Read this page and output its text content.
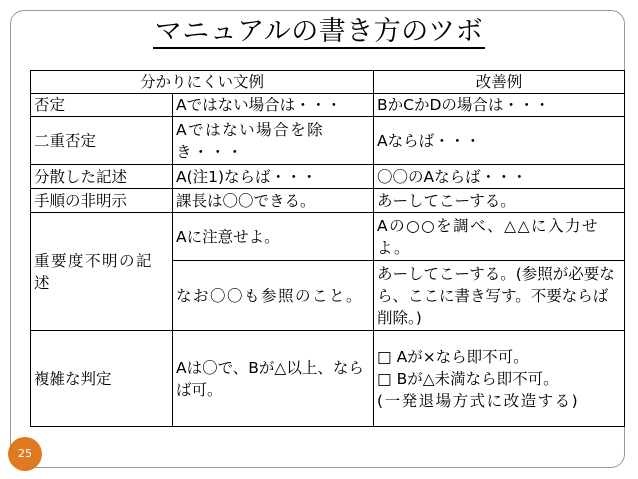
マニュアルの書き方のツボ
分かりにくい文例		改善例
否定	Aではない場合は・・・	BかCかDの場合は・・・
二重否定	Aではない場合を除き・・・	Aならば・・・
分散した記述	A(注1)ならば・・・	〇〇のAならば・・・
手順の非明示	課長は〇〇できる。	あーしてこーする。
重要度不明の記述	Aに注意せよ。	Aの○○を調べ、△△に入力せよ。
	なお〇〇も参照のこと。	あーしてこーする。(参照が必要なら、ここに書き写す。不要ならば削除。)
複雑な判定	Aは〇で、Bが△以上、ならば可。	□ Aが×なら即不可。
□ Bが△未満なら即不可。
(一発退場方式に改造する)
25
